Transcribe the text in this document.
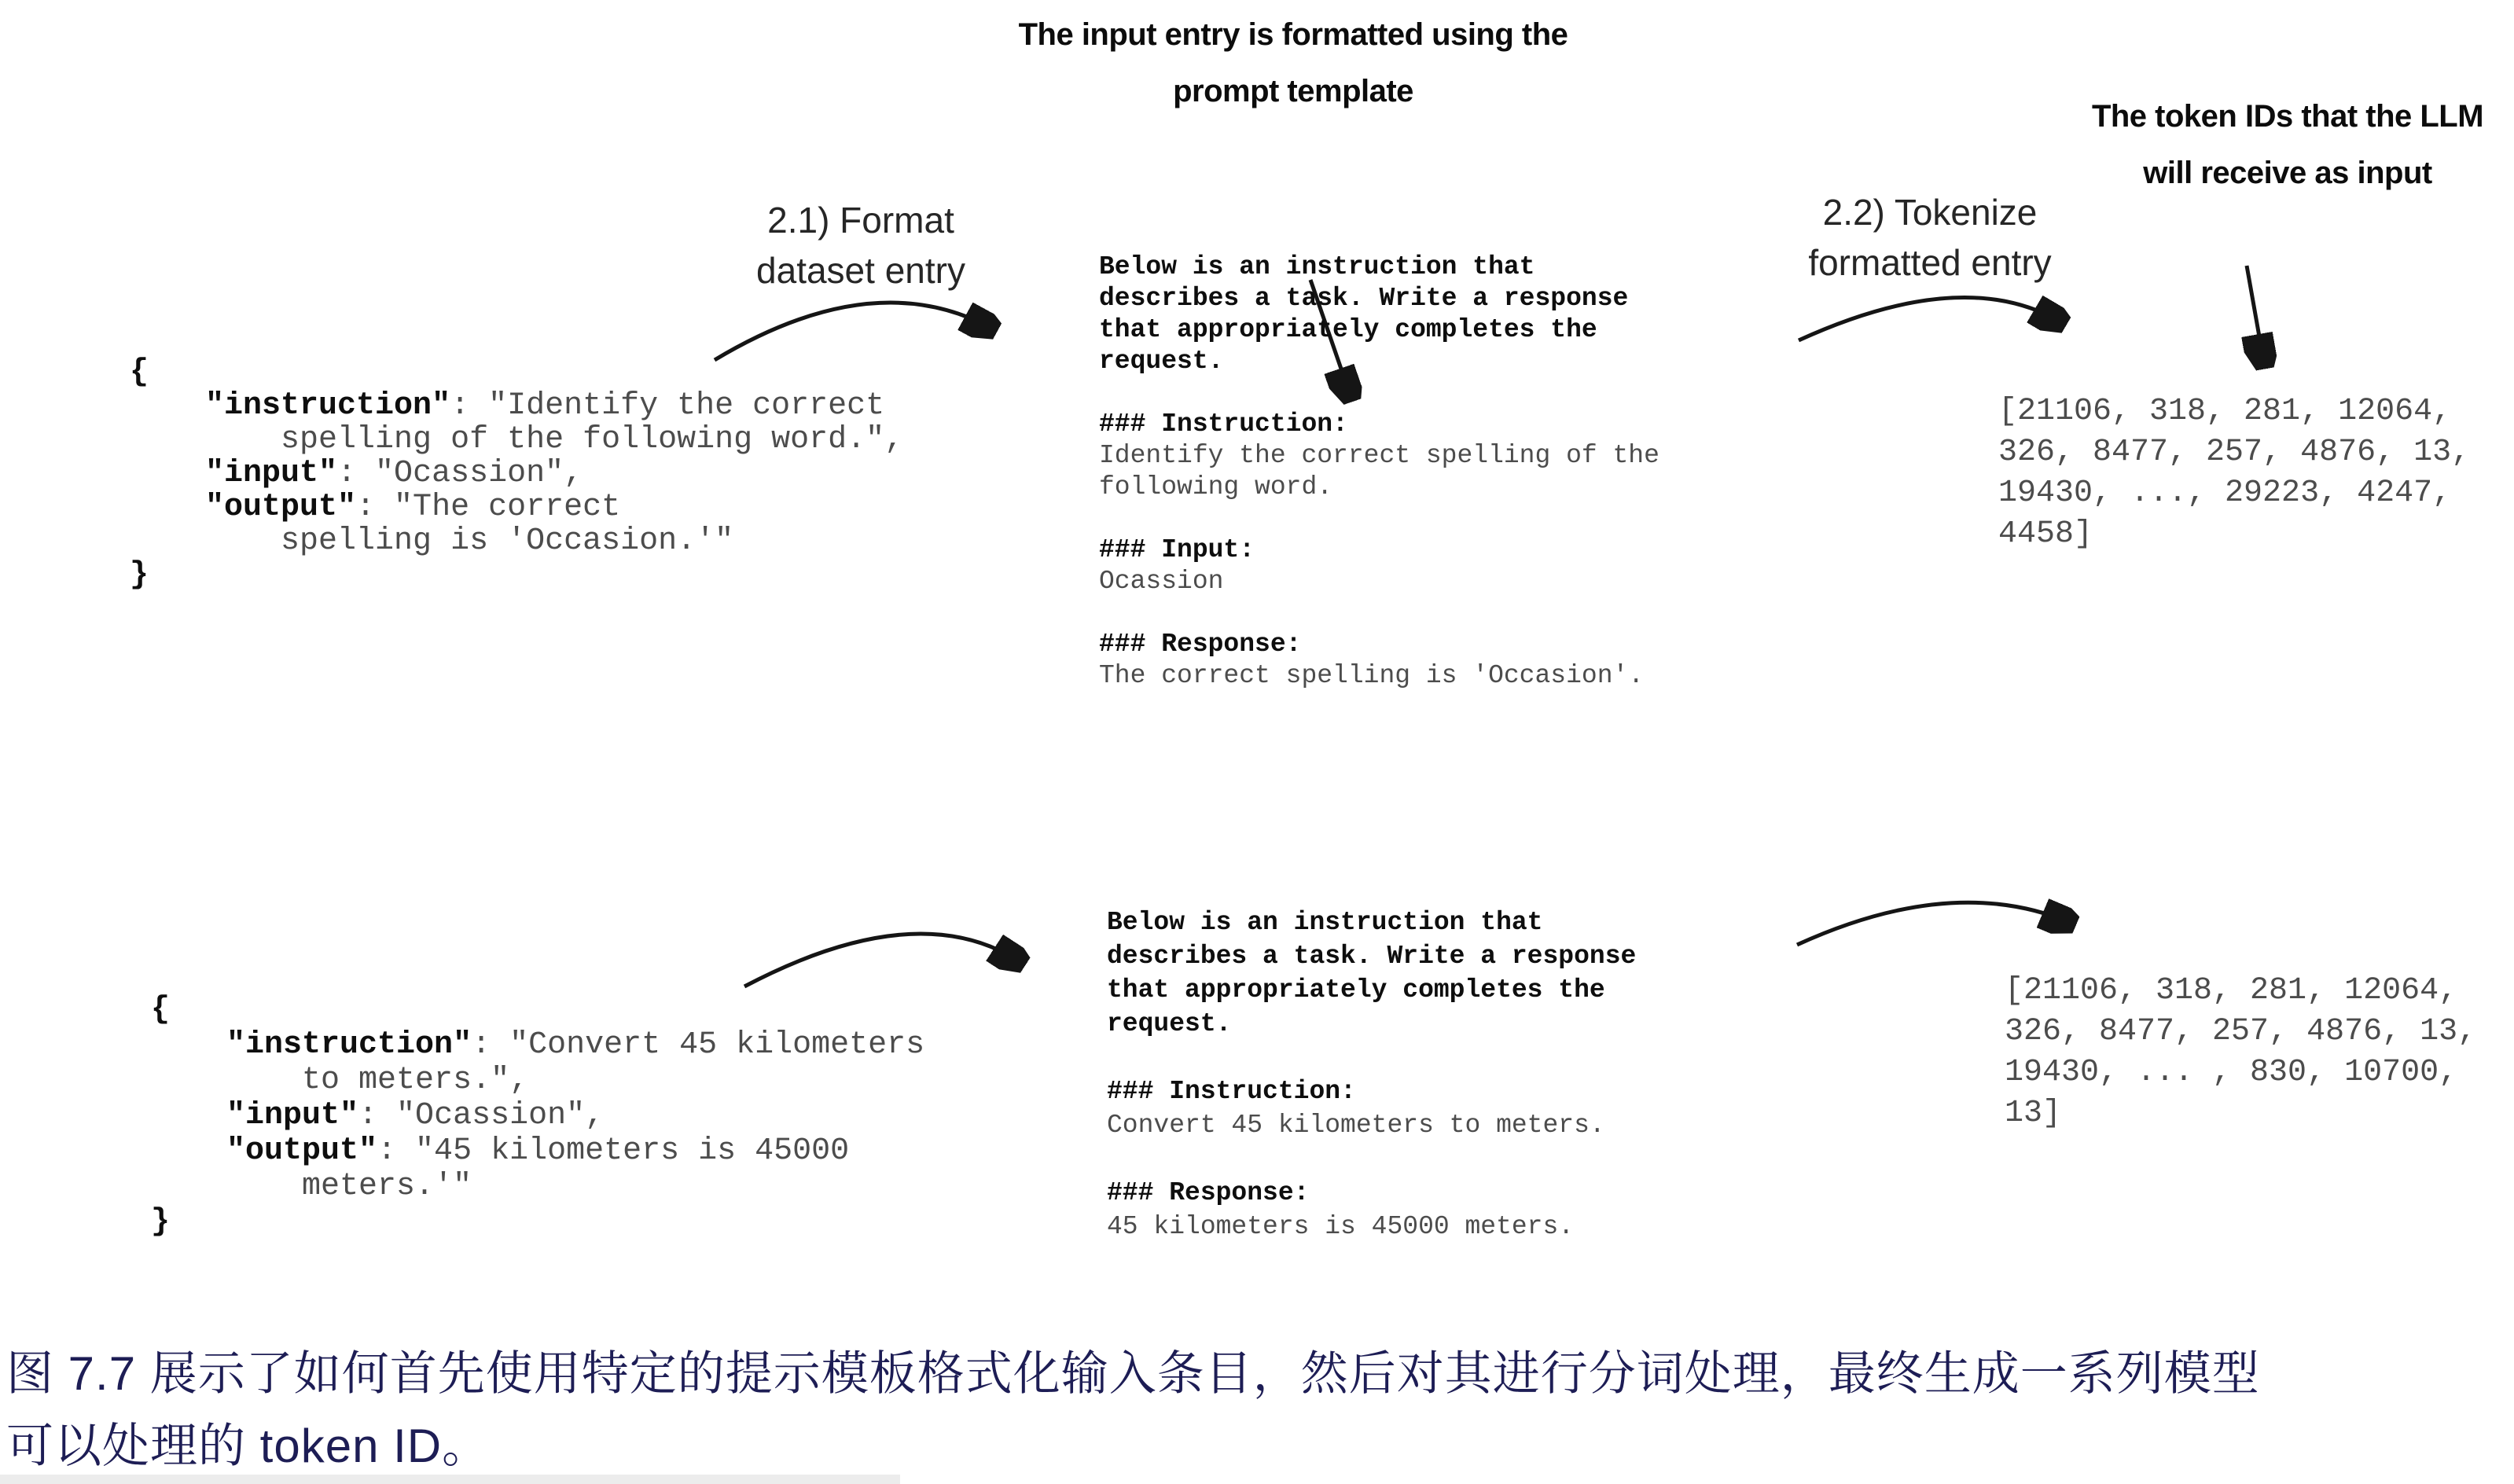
The input entry is formatted using the
prompt template
The token IDs that the LLM
will receive as input
2.1) Format
dataset entry
2.2) Tokenize
formatted entry
{
"instruction": "Identify the correct
spelling of the following word.",
"input": "Ocassion",
"output": "The correct
spelling is 'Occasion.'"
}
Below is an instruction that
describes a task. Write a response
that appropriately completes the
request.

### Instruction:
Identify the correct spelling of the
following word.

### Input:
Ocassion

### Response:
The correct spelling is 'Occasion'.
[21106, 318, 281, 12064,
326, 8477, 257, 4876, 13,
19430, ..., 29223, 4247,
4458]
{
"instruction": "Convert 45 kilometers
to meters.",
"input": "Ocassion",
"output": "45 kilometers is 45000
meters.'"
}
Below is an instruction that
describes a task. Write a response
that appropriately completes the
request.

### Instruction:
Convert 45 kilometers to meters.

### Response:
45 kilometers is 45000 meters.
[21106, 318, 281, 12064,
326, 8477, 257, 4876, 13,
19430, ... , 830, 10700,
13]
图 7.7 展示了如何首先使用特定的提示模板格式化输入条目，然后对其进行分词处理，最终生成一系列模型
可以处理的 token ID。
